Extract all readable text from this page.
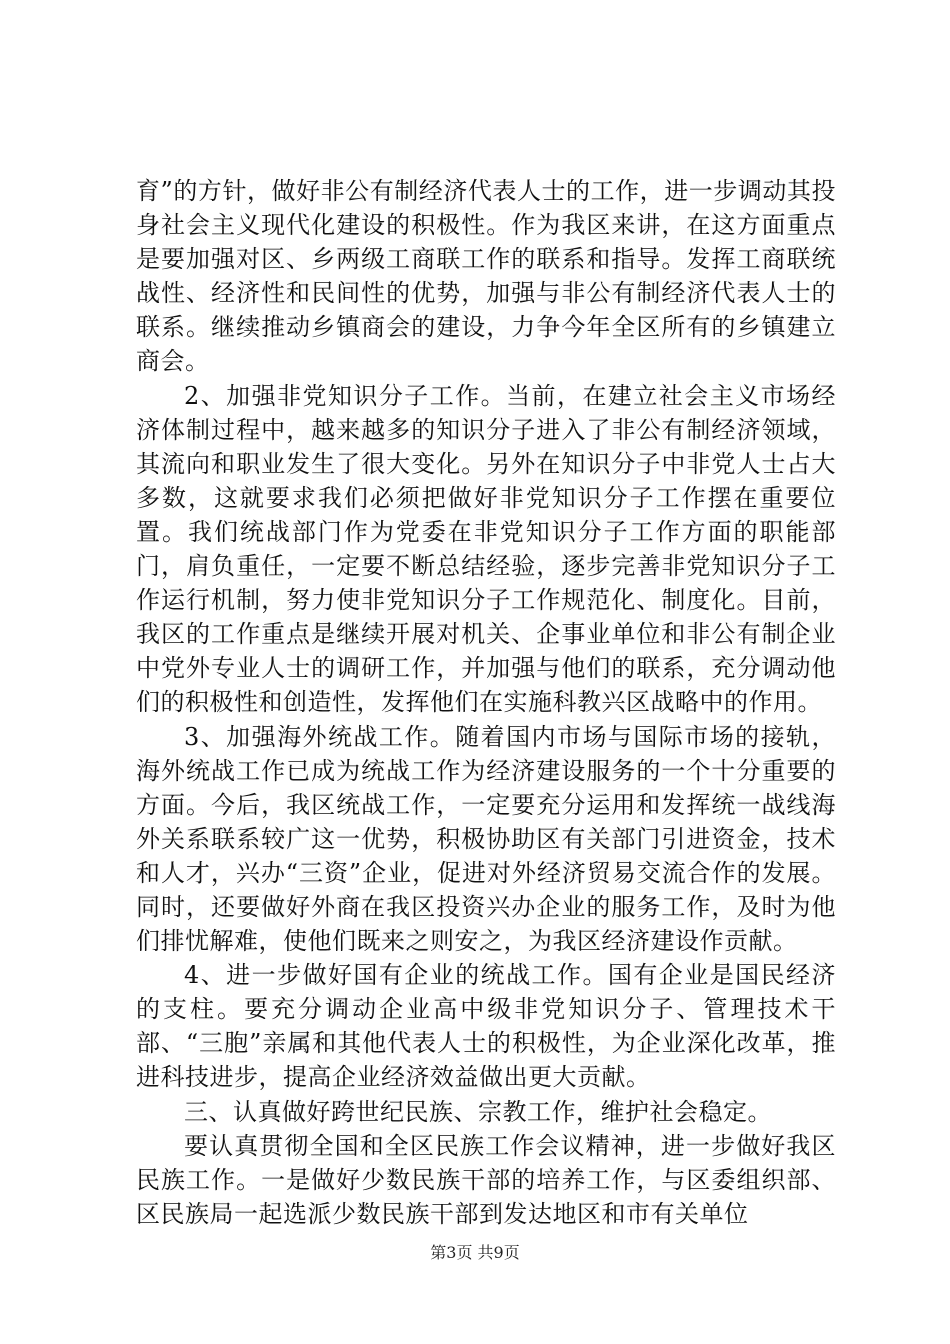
育”的方针，做好非公有制经济代表人士的工作，进一步调动其投身社会主义现代化建设的积极性。作为我区来讲，在这方面重点是要加强对区、乡两级工商联工作的联系和指导。发挥工商联统战性、经济性和民间性的优势，加强与非公有制经济代表人士的联系。继续推动乡镇商会的建设，力争今年全区所有的乡镇建立商会。

2、加强非党知识分子工作。当前，在建立社会主义市场经济体制过程中，越来越多的知识分子进入了非公有制经济领域，其流向和职业发生了很大变化。另外在知识分子中非党人士占大多数，这就要求我们必须把做好非党知识分子工作摆在重要位置。我们统战部门作为党委在非党知识分子工作方面的职能部门，肩负重任，一定要不断总结经验，逐步完善非党知识分子工作运行机制，努力使非党知识分子工作规范化、制度化。目前，我区的工作重点是继续开展对机关、企事业单位和非公有制企业中党外专业人士的调研工作，并加强与他们的联系，充分调动他们的积极性和创造性，发挥他们在实施科教兴区战略中的作用。

3、加强海外统战工作。随着国内市场与国际市场的接轨，海外统战工作已成为统战工作为经济建设服务的一个十分重要的方面。今后，我区统战工作，一定要充分运用和发挥统一战线海外关系联系较广这一优势，积极协助区有关部门引进资金，技术和人才，兴办“三资”企业，促进对外经济贸易交流合作的发展。同时，还要做好外商在我区投资兴办企业的服务工作，及时为他们排忧解难，使他们既来之则安之，为我区经济建设作贡献。

4、进一步做好国有企业的统战工作。国有企业是国民经济的支柱。要充分调动企业高中级非党知识分子、管理技术干部、“三胞”亲属和其他代表人士的积极性，为企业深化改革，推进科技进步，提高企业经济效益做出更大贡献。

三、认真做好跨世纪民族、宗教工作，维护社会稳定。

要认真贯彻全国和全区民族工作会议精神，进一步做好我区民族工作。一是做好少数民族干部的培养工作，与区委组织部、区民族局一起选派少数民族干部到发达地区和市有关单位

第3页 共9页
